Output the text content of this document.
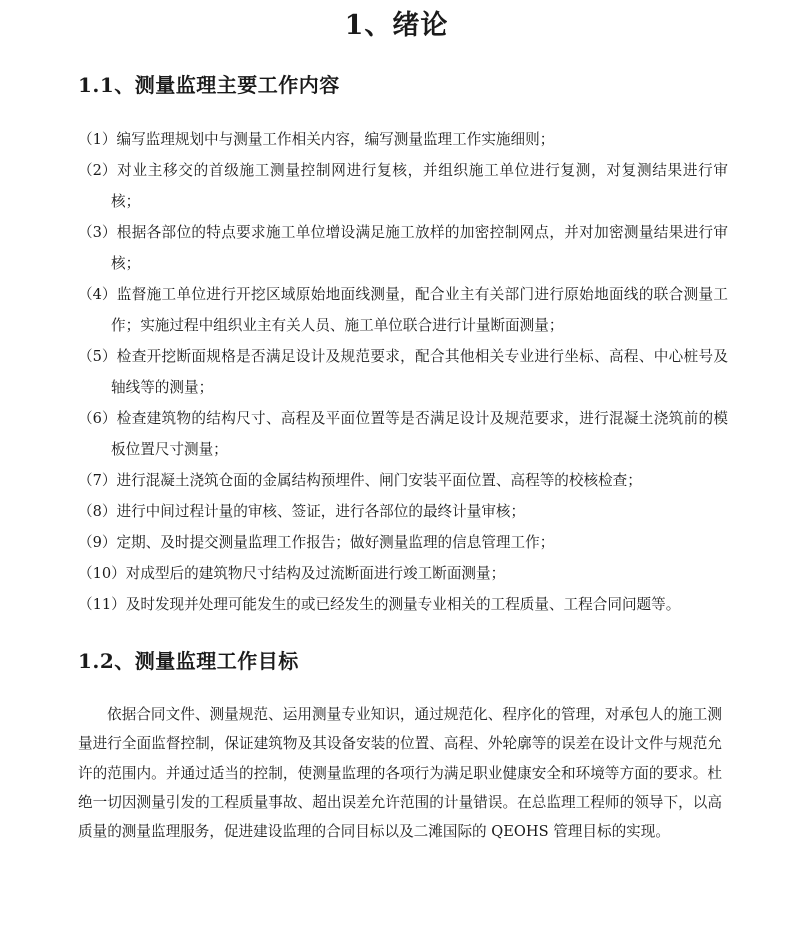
1、绪论
1.1、测量监理主要工作内容
（1）编写监理规划中与测量工作相关内容，编写测量监理工作实施细则；
（2）对业主移交的首级施工测量控制网进行复核，并组织施工单位进行复测，对复测结果进行审核；
（3）根据各部位的特点要求施工单位增设满足施工放样的加密控制网点，并对加密测量结果进行审核；
（4）监督施工单位进行开挖区域原始地面线测量，配合业主有关部门进行原始地面线的联合测量工作；实施过程中组织业主有关人员、施工单位联合进行计量断面测量；
（5）检查开挖断面规格是否满足设计及规范要求，配合其他相关专业进行坐标、高程、中心桩号及轴线等的测量；
（6）检查建筑物的结构尺寸、高程及平面位置等是否满足设计及规范要求，进行混凝土浇筑前的模板位置尺寸测量；
（7）进行混凝土浇筑仓面的金属结构预埋件、闸门安装平面位置、高程等的校核检查；
（8）进行中间过程计量的审核、签证，进行各部位的最终计量审核；
（9）定期、及时提交测量监理工作报告；做好测量监理的信息管理工作；
（10）对成型后的建筑物尺寸结构及过流断面进行竣工断面测量；
（11）及时发现并处理可能发生的或已经发生的测量专业相关的工程质量、工程合同问题等。
1.2、测量监理工作目标

依据合同文件、测量规范、运用测量专业知识，通过规范化、程序化的管理，对承包人的施工测量进行全面监督控制，保证建筑物及其设备安装的位置、高程、外轮廓等的误差在设计文件与规范允许的范围内。并通过适当的控制，使测量监理的各项行为满足职业健康安全和环境等方面的要求。杜绝一切因测量引发的工程质量事故、超出误差允许范围的计量错误。在总监理工程师的领导下，以高质量的测量监理服务，促进建设监理的合同目标以及二滩国际的 QEOHS 管理目标的实现。
